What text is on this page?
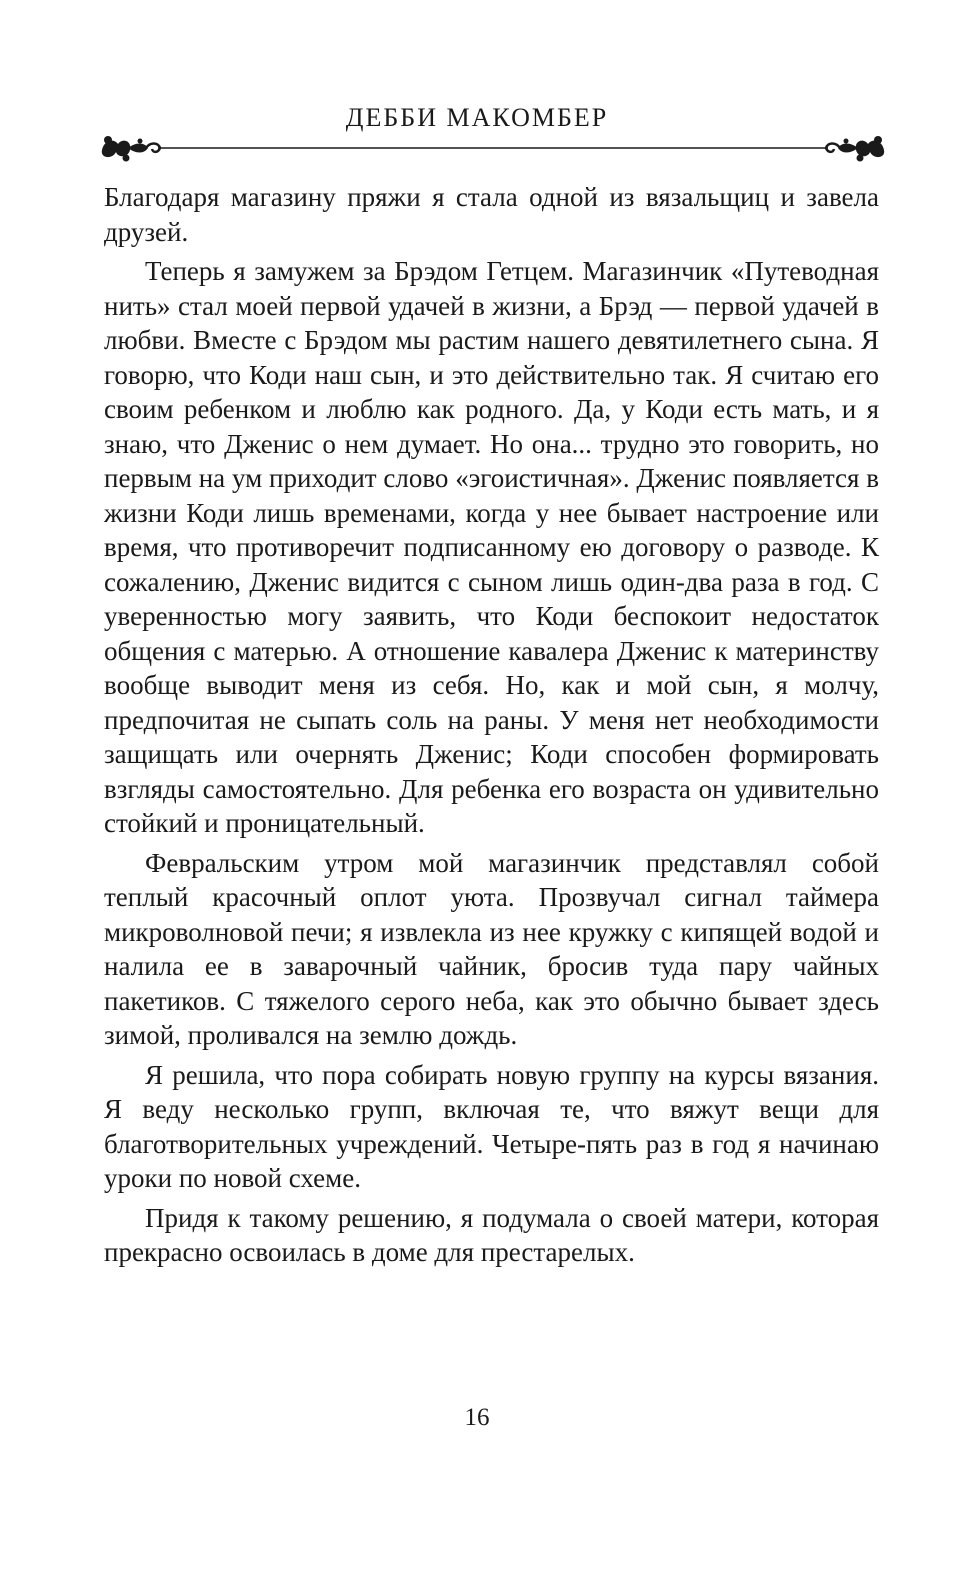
ДЕББИ МАКОМБЕР

Благодаря магазину пряжи я стала одной из вязальщиц и завела друзей.

Теперь я замужем за Брэдом Гетцем. Магазинчик «Путеводная нить» стал моей первой удачей в жизни, а Брэд — первой удачей в любви. Вместе с Брэдом мы растим нашего девятилетнего сына. Я говорю, что Коди наш сын, и это действительно так. Я считаю его своим ребенком и люблю как родного. Да, у Коди есть мать, и я знаю, что Дженис о нем думает. Но она... трудно это говорить, но первым на ум приходит слово «эгоистичная». Дженис появляется в жизни Коди лишь временами, когда у нее бывает настроение или время, что противоречит подписанному ею договору о разводе. К сожалению, Дженис видится с сыном лишь один-два раза в год. С уверенностью могу заявить, что Коди беспокоит недостаток общения с матерью. А отношение кавалера Дженис к материнству вообще выводит меня из себя. Но, как и мой сын, я молчу, предпочитая не сыпать соль на раны. У меня нет необходимости защищать или очернять Дженис; Коди способен формировать взгляды самостоятельно. Для ребенка его возраста он удивительно стойкий и проницательный.

Февральским утром мой магазинчик представлял собой теплый красочный оплот уюта. Прозвучал сигнал таймера микроволновой печи; я извлекла из нее кружку с кипящей водой и налила ее в заварочный чайник, бросив туда пару чайных пакетиков. С тяжелого серого неба, как это обычно бывает здесь зимой, проливался на землю дождь.

Я решила, что пора собирать новую группу на курсы вязания. Я веду несколько групп, включая те, что вяжут вещи для благотворительных учреждений. Четыре-пять раз в год я начинаю уроки по новой схеме.

Придя к такому решению, я подумала о своей матери, которая прекрасно освоилась в доме для престарелых.

16
